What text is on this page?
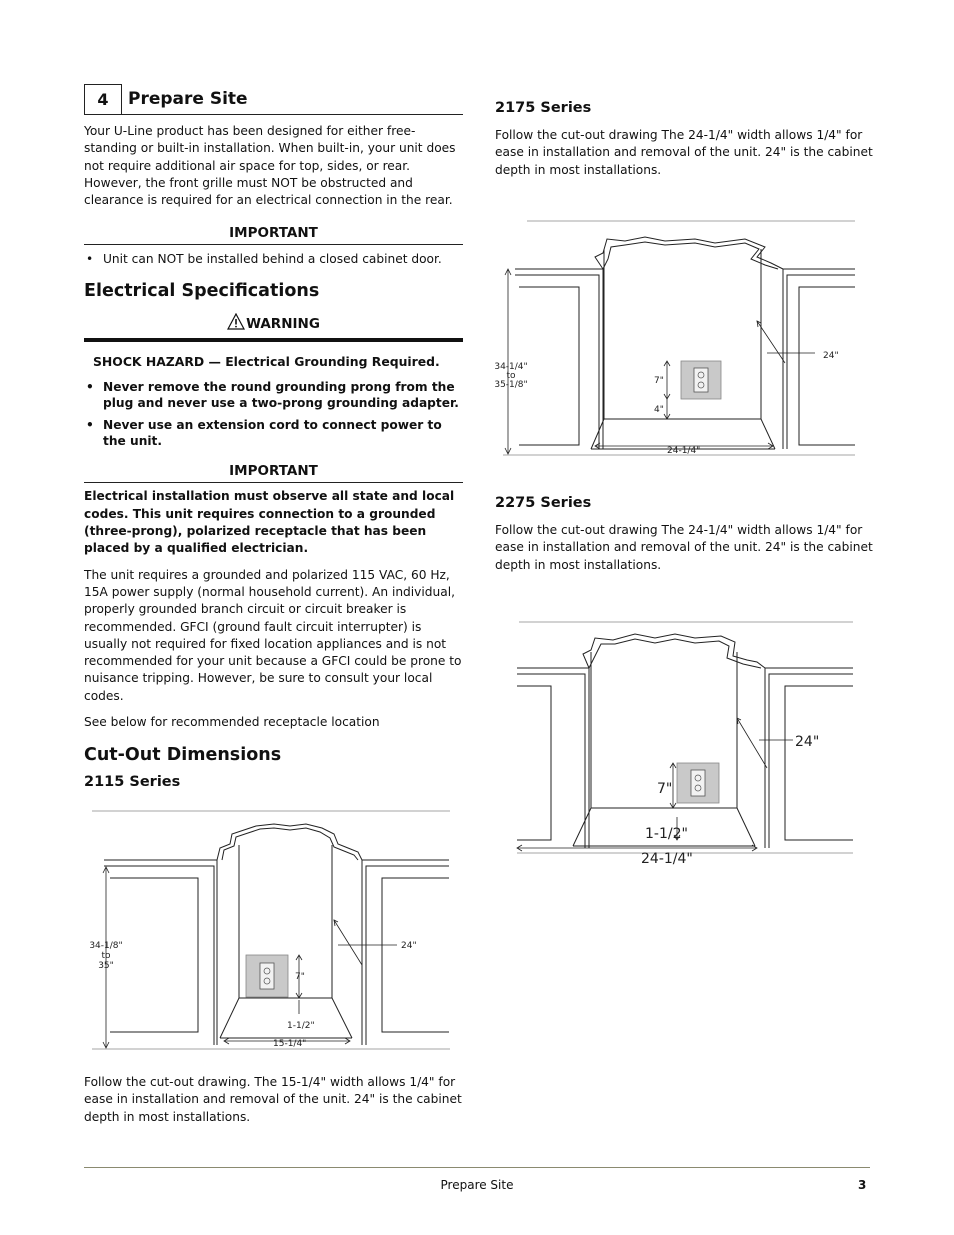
4	Prepare Site

Your U-Line product has been designed for either free-standing or built-in installation. When built-in, your unit does not require additional air space for top, sides, or rear. However, the front grille must NOT be obstructed and clearance is required for an electrical connection in the rear.

IMPORTANT
• Unit can NOT be installed behind a closed cabinet door.
Electrical Specifications
WARNING
SHOCK HAZARD — Electrical Grounding Required.
• Never remove the round grounding prong from the plug and never use a two-prong grounding adapter.
• Never use an extension cord to connect power to the unit.
IMPORTANT

Electrical installation must observe all state and local codes. This unit requires connection to a grounded (three-prong), polarized receptacle that has been placed by a qualified electrician.

The unit requires a grounded and polarized 115 VAC, 60 Hz, 15A power supply (normal household current). An individual, properly grounded branch circuit or circuit breaker is recommended. GFCI (ground fault circuit interrupter) is usually not required for fixed location appliances and is not recommended for your unit because a GFCI could be prone to nuisance tripping. However, be sure to consult your local codes.

See below for recommended receptacle location

Cut-Out Dimensions
2115 Series
34-1/8"
to
35"
24"
7"
1-1/2"
15-1/4"

Follow the cut-out drawing. The 15-1/4" width allows 1/4" for ease in installation and removal of the unit. 24" is the cabinet depth in most installations.

2175 Series

Follow the cut-out drawing The 24-1/4" width allows 1/4" for ease in installation and removal of the unit. 24" is the cabinet depth in most installations.

34-1/4"
to
35-1/8"
24"
7"
4"
24-1/4"
2275 Series

Follow the cut-out drawing The 24-1/4" width allows 1/4" for ease in installation and removal of the unit. 24" is the cabinet depth in most installations.

24"
7"
1-1/2"
24-1/4"
Prepare Site	3
